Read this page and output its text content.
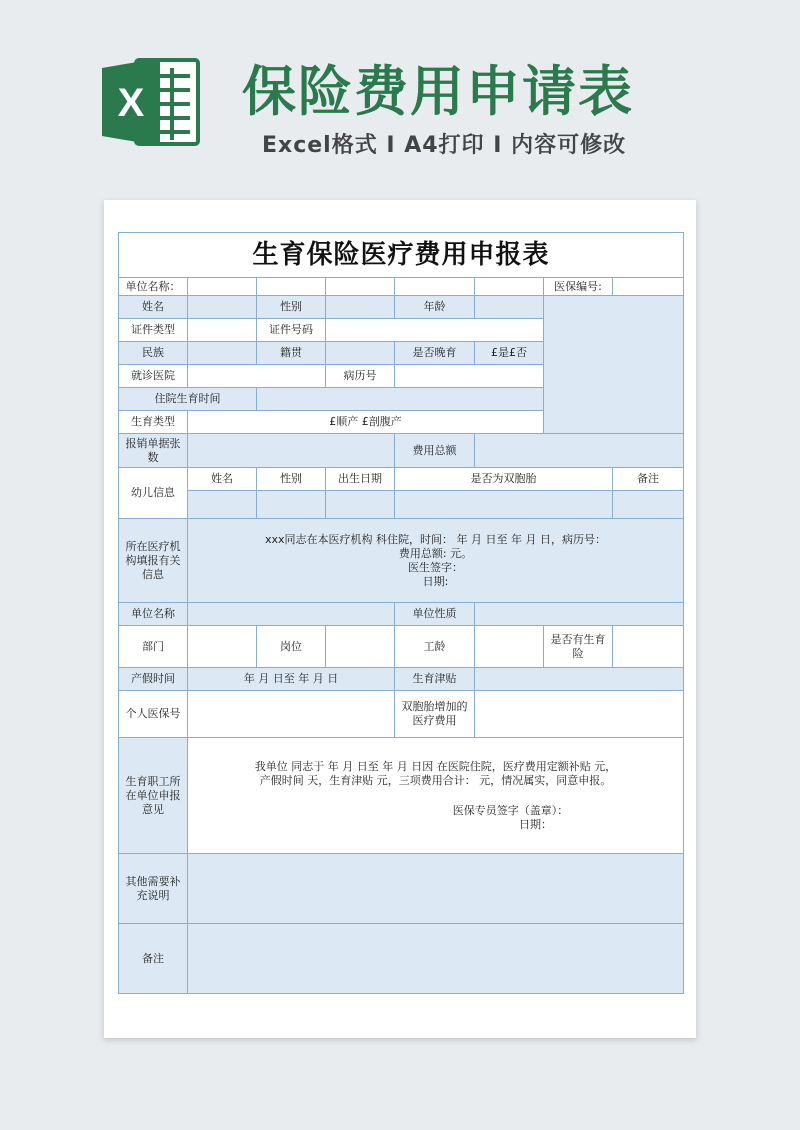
X 保险费用申请表
Excel格式 I A4打印 I 内容可修改
生育保险医疗费用申报表							
单位名称：						医保编号:	
姓名		性别		年龄			
证件类型		证件号码					
民族		籍贯		是否晚育	£是£否		
就诊医院			病历号				
住院生育时间							
生育类型	£顺产 £剖腹产						
报销单据张数				费用总额			
幼儿信息	姓名	性别	出生日期	是否为双胞胎			备注

所在医疗机构填报有关信息	xxx同志在本医疗机构 科住院，时间： 年 月 日至 年 月 日，病历号：
费用总额: 元。
医生签字：
日期:						

单位名称				单位性质			
部门		岗位		工龄		是否有生育险	
产假时间	年 月 日至 年 月 日			生育津贴			
个人医保号				双胞胎增加的医疗费用			
生育职工所在单位申报意见	我单位 同志于 年 月 日至 年 月 日因 在医院住院，医疗费用定额补贴 元，
产假时间 天，生育津贴 元，三项费用合计： 元，情况属实，同意申报。
医保专员签字（盖章）：
日期：						

其他需要补充说明							
备注							
